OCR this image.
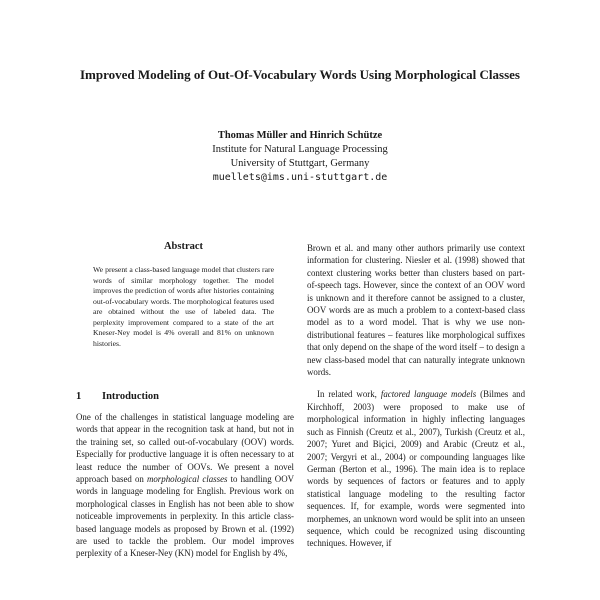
Improved Modeling of Out-Of-Vocabulary Words Using Morphological Classes
Thomas Müller and Hinrich Schütze
Institute for Natural Language Processing
University of Stuttgart, Germany
muellets@ims.uni-stuttgart.de
Abstract
We present a class-based language model that clusters rare words of similar morphology together. The model improves the prediction of words after histories containing out-of-vocabulary words. The morphological features used are obtained without the use of labeled data. The perplexity improvement compared to a state of the art Kneser-Ney model is 4% overall and 81% on unknown histories.
1 Introduction

One of the challenges in statistical language modeling are words that appear in the recognition task at hand, but not in the training set, so called out-of-vocabulary (OOV) words. Especially for productive language it is often necessary to at least reduce the number of OOVs. We present a novel approach based on morphological classes to handling OOV words in language modeling for English. Previous work on morphological classes in English has not been able to show noticeable improvements in perplexity. In this article class-based language models as proposed by Brown et al. (1992) are used to tackle the problem. Our model improves perplexity of a Kneser-Ney (KN) model for English by 4%,

Brown et al. and many other authors primarily use context information for clustering. Niesler et al. (1998) showed that context clustering works better than clusters based on part-of-speech tags. However, since the context of an OOV word is unknown and it therefore cannot be assigned to a cluster, OOV words are as much a problem to a context-based class model as to a word model. That is why we use non-distributional features – features like morphological suffixes that only depend on the shape of the word itself – to design a new class-based model that can naturally integrate unknown words.

In related work, factored language models (Bilmes and Kirchhoff, 2003) were proposed to make use of morphological information in highly inflecting languages such as Finnish (Creutz et al., 2007), Turkish (Creutz et al., 2007; Yuret and Biçici, 2009) and Arabic (Creutz et al., 2007; Vergyri et al., 2004) or compounding languages like German (Berton et al., 1996). The main idea is to replace words by sequences of factors or features and to apply statistical language modeling to the resulting factor sequences. If, for example, words were segmented into morphemes, an unknown word would be split into an unseen sequence, which could be recognized using discounting techniques. However, if
